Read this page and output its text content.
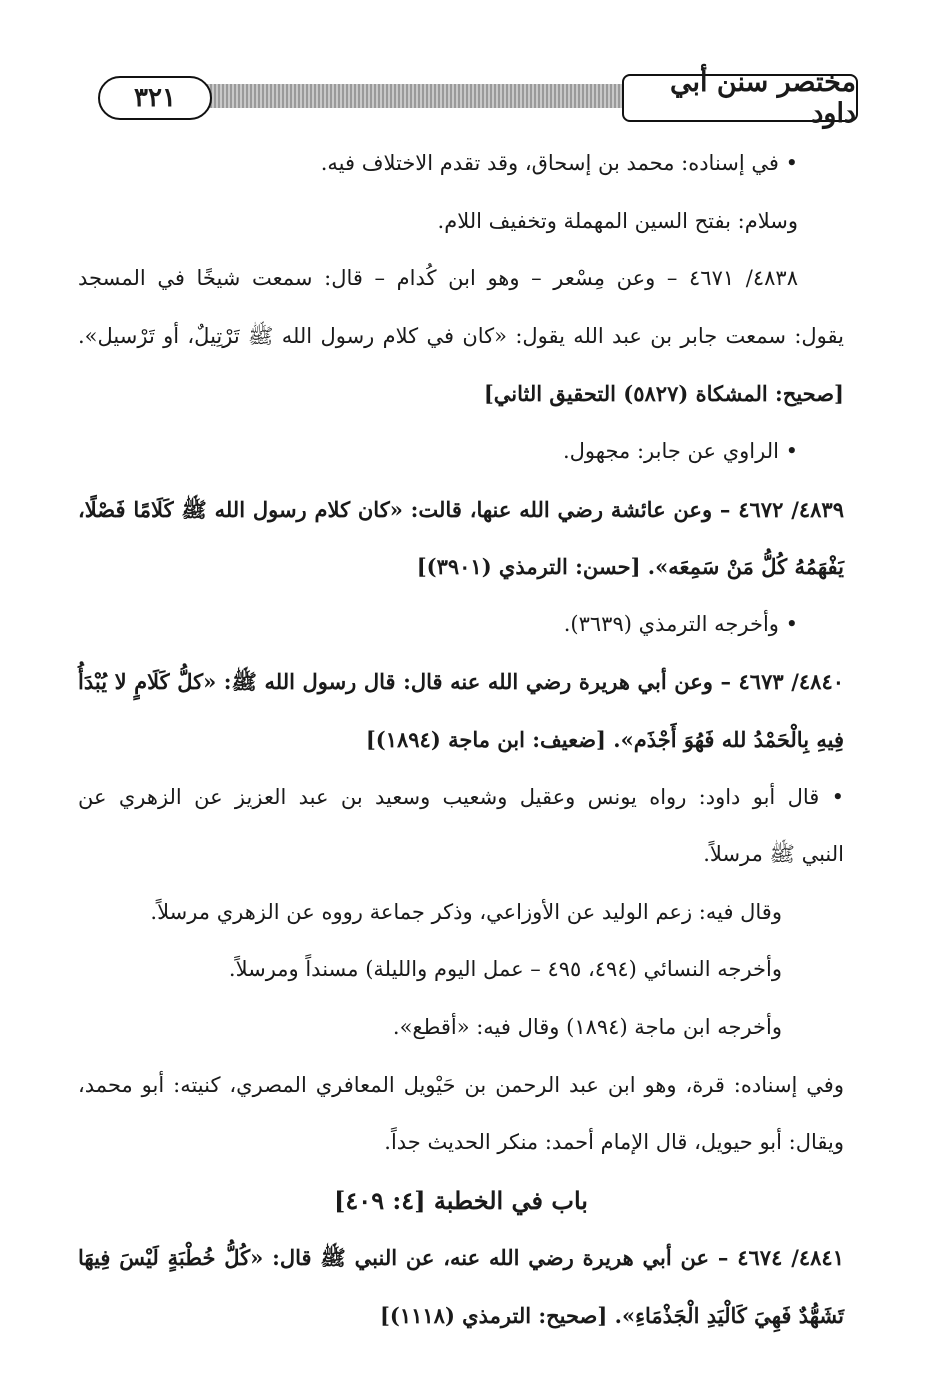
مختصر سنن أبي داود
٣٢١
• في إسناده: محمد بن إسحاق، وقد تقدم الاختلاف فيه.
وسلام: بفتح السين المهملة وتخفيف اللام.
٤٨٣٨/ ٤٦٧١ – وعن مِسْعر – وهو ابن كُدام – قال: سمعت شيخًا في المسجد
يقول: سمعت جابر بن عبد الله يقول: «كان في كلام رسول الله ﷺ تَرْتِيلٌ، أو تَرْسيل».
[صحيح: المشكاة (٥٨٢٧) التحقيق الثاني]
• الراوي عن جابر: مجهول.
٤٨٣٩/ ٤٦٧٢ – وعن عائشة رضي الله عنها، قالت: «كان كلام رسول الله ﷺ كَلَامًا فَصْلًا،
يَفْهَمُهُ كُلُّ مَنْ سَمِعَه». [حسن: الترمذي (٣٩٠١)]
• وأخرجه الترمذي (٣٦٣٩).
٤٨٤٠/ ٤٦٧٣ – وعن أبي هريرة رضي الله عنه قال: قال رسول الله ﷺ: «كلُّ كَلَامٍ لا يُبْدَأُ
فِيهِ بِالْحَمْدُ لله فَهُوَ أَجْذَم». [ضعيف: ابن ماجة (١٨٩٤)]
• قال أبو داود: رواه يونس وعقيل وشعيب وسعيد بن عبد العزيز عن الزهري عن
النبي ﷺ مرسلاً.
وقال فيه: زعم الوليد عن الأوزاعي، وذكر جماعة رووه عن الزهري مرسلاً.
وأخرجه النسائي (٤٩٤، ٤٩٥ – عمل اليوم والليلة) مسنداً ومرسلاً.
وأخرجه ابن ماجة (١٨٩٤) وقال فيه: «أقطع».
وفي إسناده: قرة، وهو ابن عبد الرحمن بن حَيْويل المعافري المصري، كنيته: أبو محمد،
ويقال: أبو حيويل، قال الإمام أحمد: منكر الحديث جداً.
باب في الخطبة [٤: ٤٠٩]
٤٨٤١/ ٤٦٧٤ – عن أبي هريرة رضي الله عنه، عن النبي ﷺ قال: «كُلُّ خُطْبَةٍ لَيْسَ فِيهَا
تَشَهُّدٌ فَهِيَ كَالْيَدِ الْجَذْمَاءِ». [صحيح: الترمذي (١١١٨)]
